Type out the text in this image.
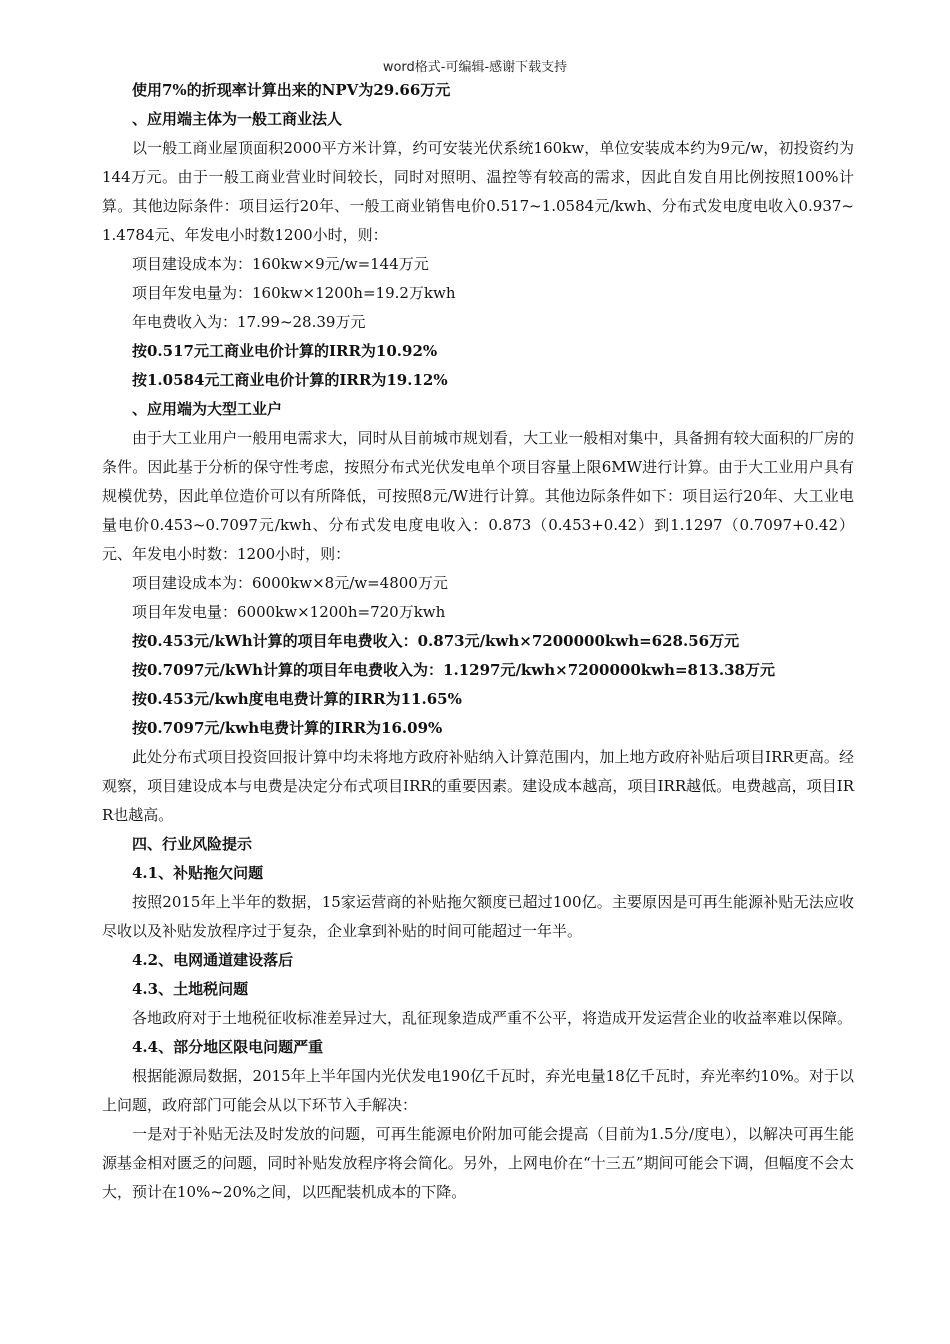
word格式-可编辑-感谢下载支持

使用7%的折现率计算出来的NPV为29.66万元

、应用端主体为一般工商业法人

以一般工商业屋顶面积2000平方米计算，约可安装光伏系统160kw，单位安装成本约为9元/w，初投资约为144万元。由于一般工商业营业时间较长，同时对照明、温控等有较高的需求，因此自发自用比例按照100%计算。其他边际条件：项目运行20年、一般工商业销售电价0.517~1.0584元/kwh、分布式发电度电收入0.937~1.4784元、年发电小时数1200小时，则：

项目建设成本为：160kw×9元/w=144万元

项目年发电量为：160kw×1200h=19.2万kwh

年电费收入为：17.99~28.39万元

按0.517元工商业电价计算的IRR为10.92%

按1.0584元工商业电价计算的IRR为19.12%

、应用端为大型工业户

由于大工业用户一般用电需求大，同时从目前城市规划看，大工业一般相对集中，具备拥有较大面积的厂房的条件。因此基于分析的保守性考虑，按照分布式光伏发电单个项目容量上限6MW进行计算。由于大工业用户具有规模优势，因此单位造价可以有所降低，可按照8元/W进行计算。其他边际条件如下：项目运行20年、大工业电量电价0.453~0.7097元/kwh、分布式发电度电收入：0.873（0.453+0.42）到1.1297（0.7097+0.42）元、年发电小时数：1200小时，则：

项目建设成本为：6000kw×8元/w=4800万元

项目年发电量：6000kw×1200h=720万kwh

按0.453元/kWh计算的项目年电费收入：0.873元/kwh×7200000kwh=628.56万元

按0.7097元/kWh计算的项目年电费收入为：1.1297元/kwh×7200000kwh=813.38万元

按0.453元/kwh度电电费计算的IRR为11.65%

按0.7097元/kwh电费计算的IRR为16.09%

此处分布式项目投资回报计算中均未将地方政府补贴纳入计算范围内，加上地方政府补贴后项目IRR更高。经观察，项目建设成本与电费是决定分布式项目IRR的重要因素。建设成本越高，项目IRR越低。电费越高，项目IRR也越高。

四、行业风险提示

4.1、补贴拖欠问题

按照2015年上半年的数据，15家运营商的补贴拖欠额度已超过100亿。主要原因是可再生能源补贴无法应收尽收以及补贴发放程序过于复杂，企业拿到补贴的时间可能超过一年半。

4.2、电网通道建设落后

4.3、土地税问题

各地政府对于土地税征收标准差异过大，乱征现象造成严重不公平，将造成开发运营企业的收益率难以保障。

4.4、部分地区限电问题严重

根据能源局数据，2015年上半年国内光伏发电190亿千瓦时，弃光电量18亿千瓦时，弃光率约10%。对于以上问题，政府部门可能会从以下环节入手解决：

一是对于补贴无法及时发放的问题，可再生能源电价附加可能会提高（目前为1.5分/度电），以解决可再生能源基金相对匮乏的问题，同时补贴发放程序将会简化。另外，上网电价在“十三五”期间可能会下调，但幅度不会太大，预计在10%~20%之间，以匹配装机成本的下降。
